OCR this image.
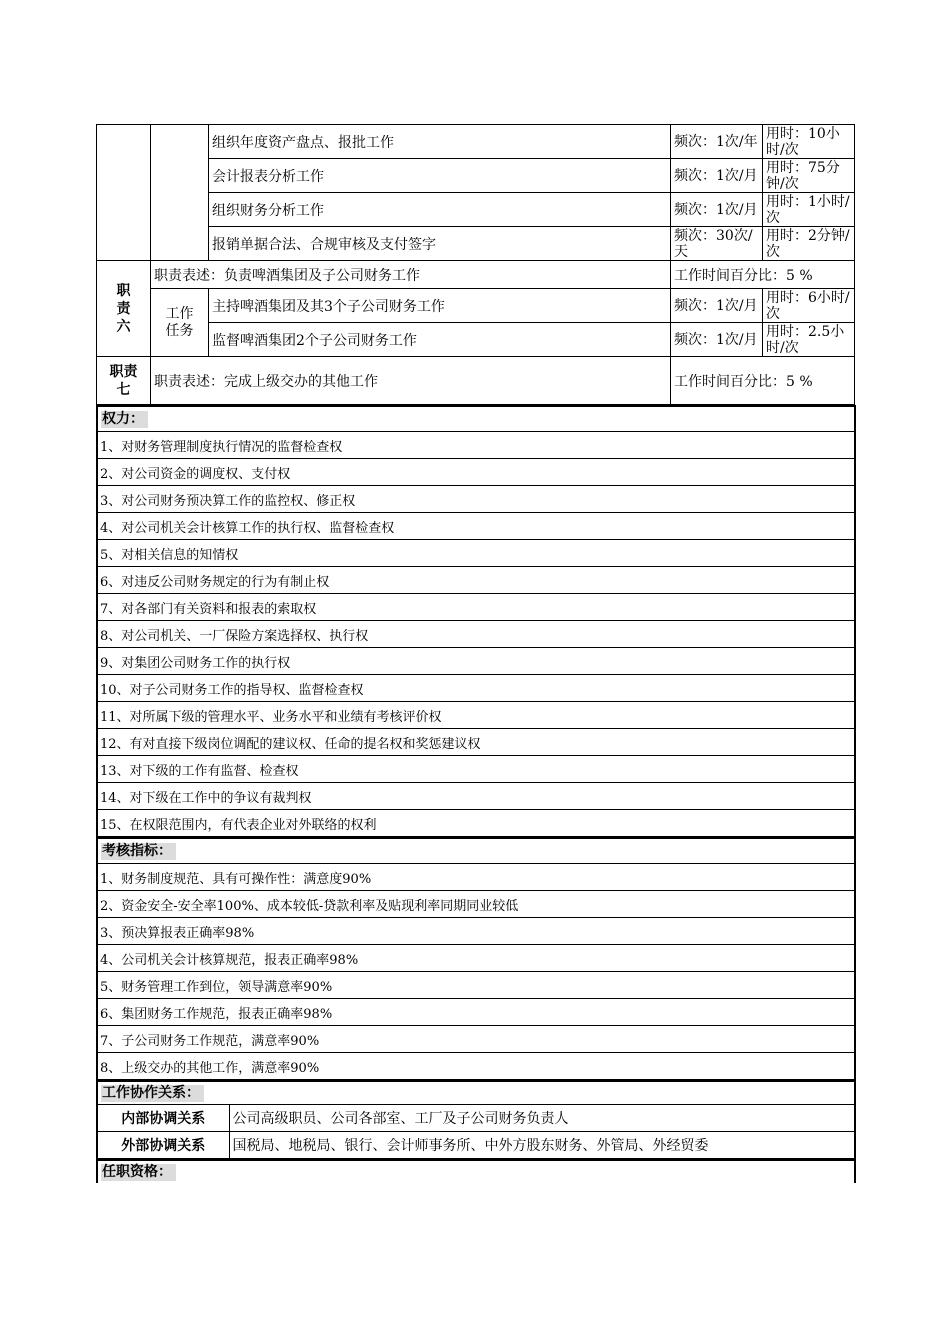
		组织年度资产盘点、报批工作	频次：1次/年	用时：10小时/次
		会计报表分析工作	频次：1次/月	用时：75分钟/次
		组织财务分析工作	频次：1次/月	用时：1小时/次
		报销单据合法、合规审核及支付签字	频次：30次/天	用时：2分钟/次
职责六	职责表述：负责啤酒集团及子公司财务工作		工作时间百分比：5 %	
	工作任务	主持啤酒集团及其3个子公司财务工作	频次：1次/月	用时：6小时/次
		监督啤酒集团2个子公司财务工作	频次：1次/月	用时：2.5小时/次
职责七	职责表述：完成上级交办的其他工作		工作时间百分比：5 %	
权力：
1、对财务管理制度执行情况的监督检查权
2、对公司资金的调度权、支付权
3、对公司财务预决算工作的监控权、修正权
4、对公司机关会计核算工作的执行权、监督检查权
5、对相关信息的知情权
6、对违反公司财务规定的行为有制止权
7、对各部门有关资料和报表的索取权
8、对公司机关、一厂保险方案选择权、执行权
9、对集团公司财务工作的执行权
10、对子公司财务工作的指导权、监督检查权
11、对所属下级的管理水平、业务水平和业绩有考核评价权
12、有对直接下级岗位调配的建议权、任命的提名权和奖惩建议权
13、对下级的工作有监督、检查权
14、对下级在工作中的争议有裁判权
15、在权限范围内，有代表企业对外联络的权利
考核指标：
1、财务制度规范、具有可操作性：满意度90%
2、资金安全-安全率100%、成本较低-贷款利率及贴现利率同期同业较低
3、预决算报表正确率98%
4、公司机关会计核算规范，报表正确率98%
5、财务管理工作到位，领导满意率90%
6、集团财务工作规范，报表正确率98%
7、子公司财务工作规范，满意率90%
8、上级交办的其他工作，满意率90%
工作协作关系：	
内部协调关系	公司高级职员、公司各部室、工厂及子公司财务负责人
外部协调关系	国税局、地税局、银行、会计师事务所、中外方股东财务、外管局、外经贸委
任职资格：
